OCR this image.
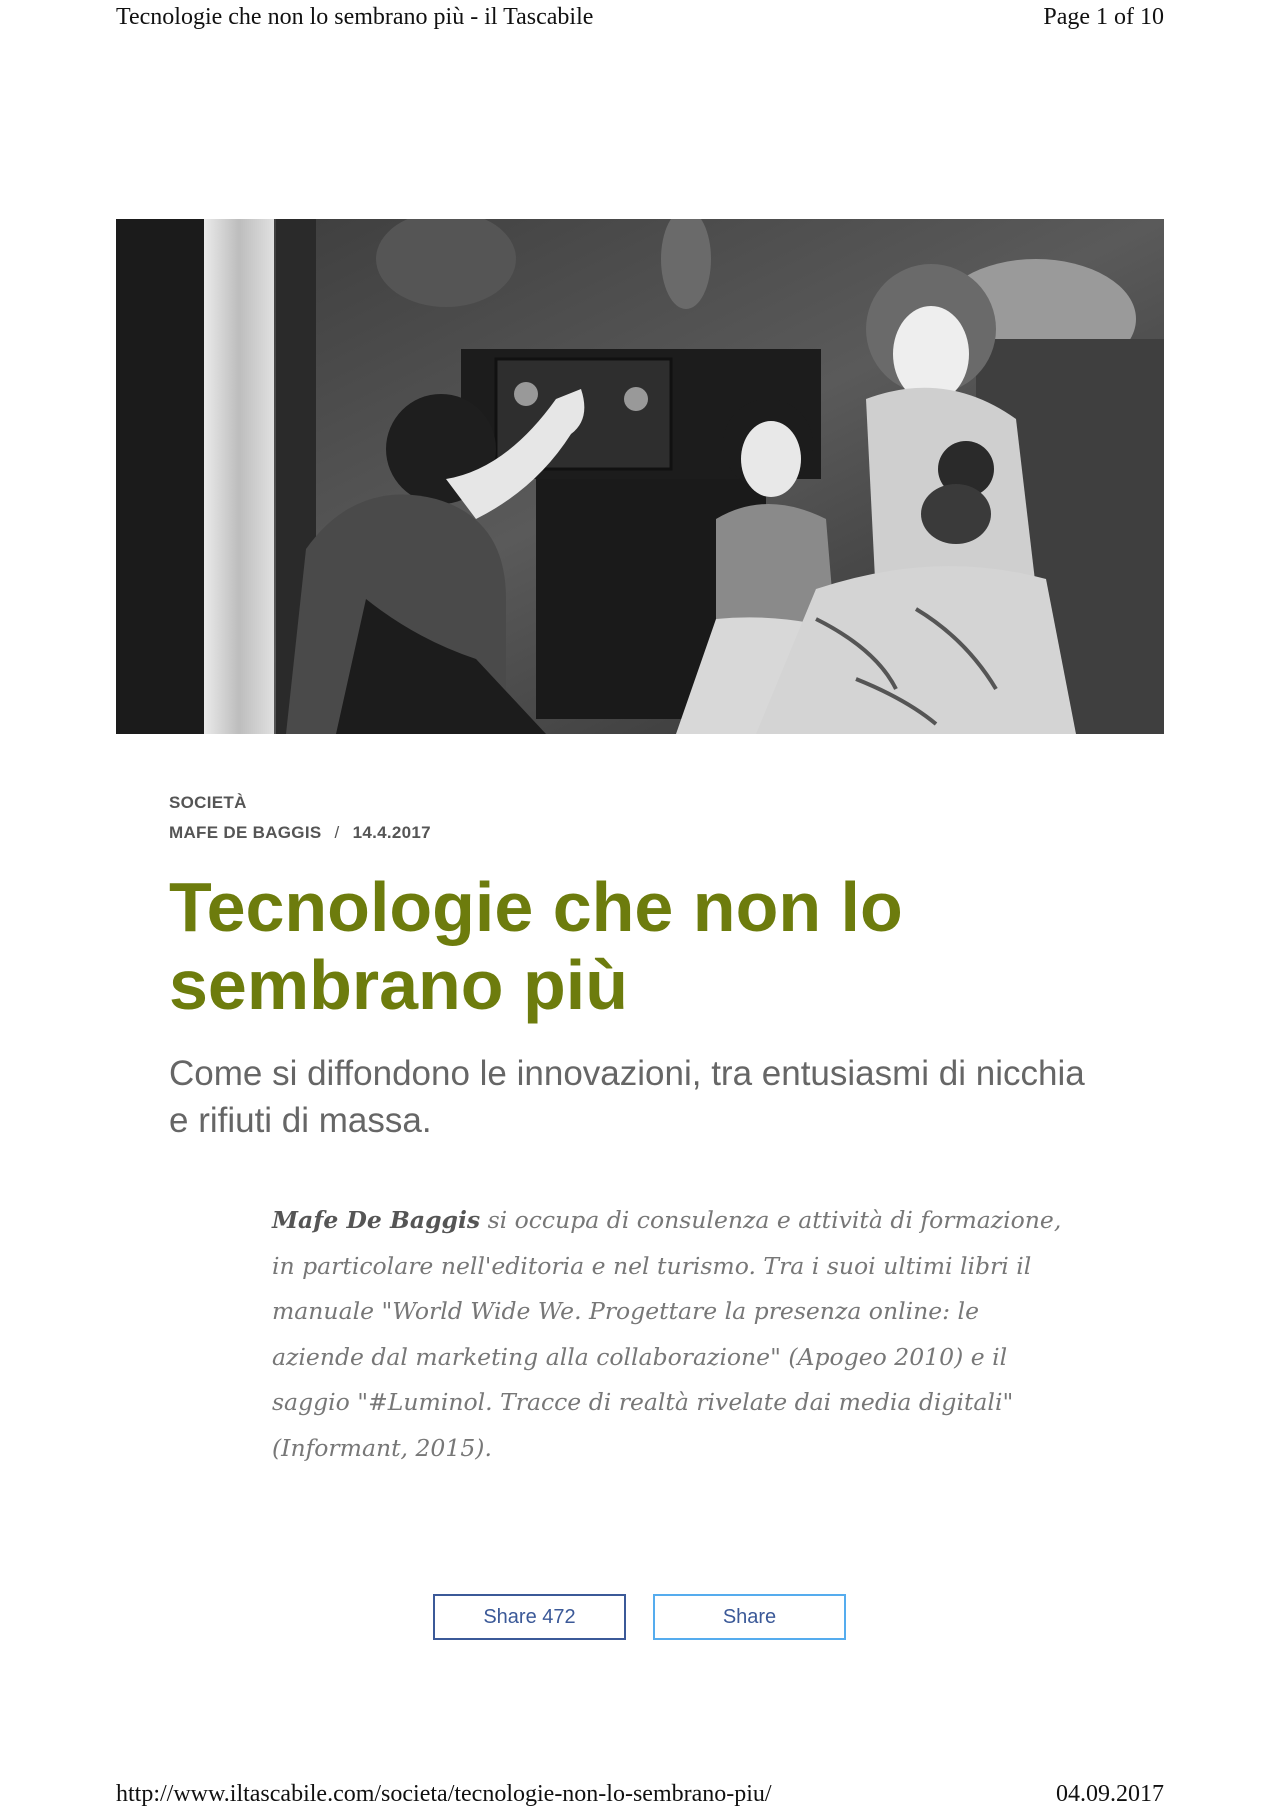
Tecnologie che non lo sembrano più - il Tascabile	Page 1 of 10
SOCIETÀ
MAFE DE BAGGIS / 14.4.2017
Tecnologie che non lo sembrano più

Come si diffondono le innovazioni, tra entusiasmi di nicchia e rifiuti di massa.

Mafe De Baggis si occupa di consulenza e attività di formazione, in particolare nell'editoria e nel turismo. Tra i suoi ultimi libri il manuale "World Wide We. Progettare la presenza online: le aziende dal marketing alla collaborazione" (Apogeo 2010) e il saggio "#Luminol. Tracce di realtà rivelate dai media digitali" (Informant, 2015).

Share 472	Share
http://www.iltascabile.com/societa/tecnologie-non-lo-sembrano-piu/	04.09.2017
